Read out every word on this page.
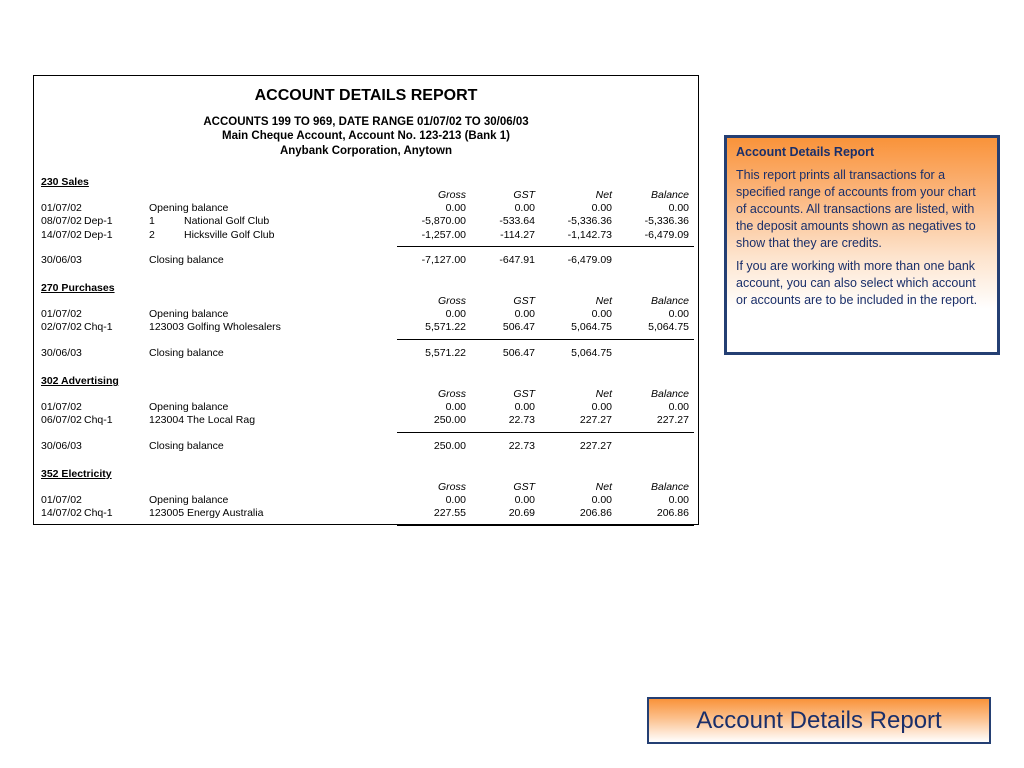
ACCOUNT DETAILS REPORT
ACCOUNTS 199 TO 969, DATE RANGE 01/07/02 TO 30/06/03
Main Cheque Account, Account No. 123-213 (Bank 1)
Anybank Corporation, Anytown
230 Sales
Gross	GST	Net	Balance
01/07/02	Opening balance	0.00	0.00	0.00	0.00
08/07/02 Dep-1	1          National Golf Club	-5,870.00	-533.64	-5,336.36	-5,336.36
14/07/02 Dep-1	2          Hicksville Golf Club	-1,257.00	-114.27	-1,142.73	-6,479.09
30/06/03	Closing balance	-7,127.00	-647.91	-6,479.09
270 Purchases
Gross	GST	Net	Balance
01/07/02	Opening balance	0.00	0.00	0.00	0.00
02/07/02 Chq-1	123003 Golfing Wholesalers	5,571.22	506.47	5,064.75	5,064.75
30/06/03	Closing balance	5,571.22	506.47	5,064.75
302 Advertising
Gross	GST	Net	Balance
01/07/02	Opening balance	0.00	0.00	0.00	0.00
06/07/02 Chq-1	123004 The Local Rag	250.00	22.73	227.27	227.27
30/06/03	Closing balance	250.00	22.73	227.27
352 Electricity
Gross	GST	Net	Balance
01/07/02	Opening balance	0.00	0.00	0.00	0.00
14/07/02 Chq-1	123005 Energy Australia	227.55	20.69	206.86	206.86
Account Details Report

This report prints all transactions for a specified range of accounts from your chart of accounts. All transactions are listed, with the deposit amounts shown as negatives to show that they are credits.

If you are working with more than one bank account, you can also select which account or accounts are to be included in the report.

Account Details Report
